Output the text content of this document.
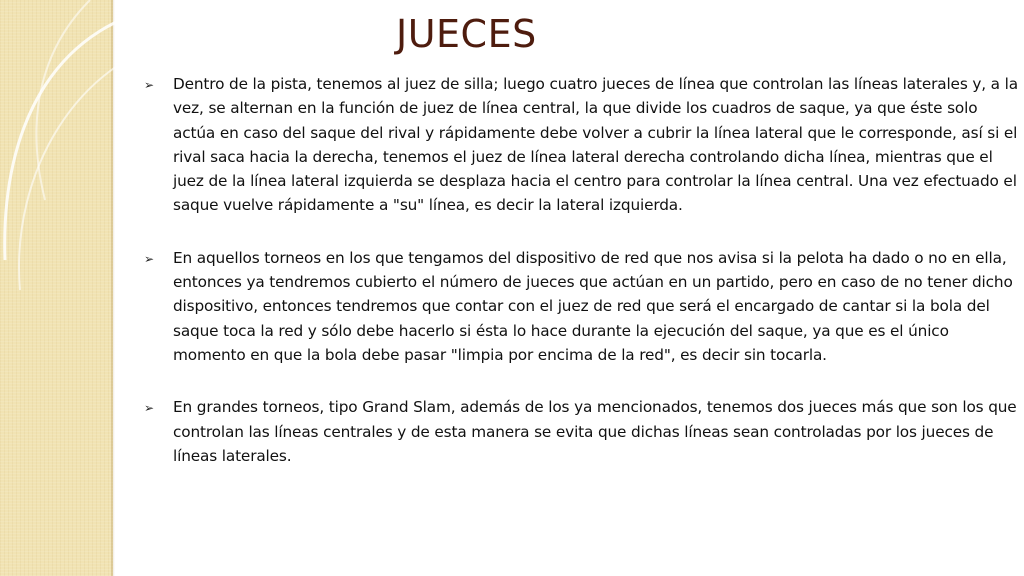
JUECES
➢	Dentro de la pista, tenemos al juez de silla; luego cuatro jueces de línea que controlan las líneas laterales y, a la vez, se alternan en la función de juez de línea central, la que divide los cuadros de saque, ya que éste solo actúa en caso del saque del rival y rápidamente debe volver a cubrir la línea lateral que le corresponde, así si el rival saca hacia la derecha, tenemos el juez de línea lateral derecha controlando dicha línea, mientras que el juez de la línea lateral izquierda se desplaza hacia el centro para controlar la línea central. Una vez efectuado el saque vuelve rápidamente a "su" línea, es decir la lateral izquierda.
➢	En aquellos torneos en los que tengamos del dispositivo de red que nos avisa si la pelota ha dado o no en ella, entonces ya tendremos cubierto el número de jueces que actúan en un partido, pero en caso de no tener dicho dispositivo, entonces tendremos que contar con el juez de red que será el encargado de cantar si la bola del saque toca la red y sólo debe hacerlo si ésta lo hace durante la ejecución del saque, ya que es el único momento en que la bola debe pasar "limpia por encima de la red", es decir sin tocarla.
➢	En grandes torneos, tipo Grand Slam, además de los ya mencionados, tenemos dos jueces más que son los que controlan las líneas centrales y de esta manera se evita que dichas líneas sean controladas por los jueces de líneas laterales.
